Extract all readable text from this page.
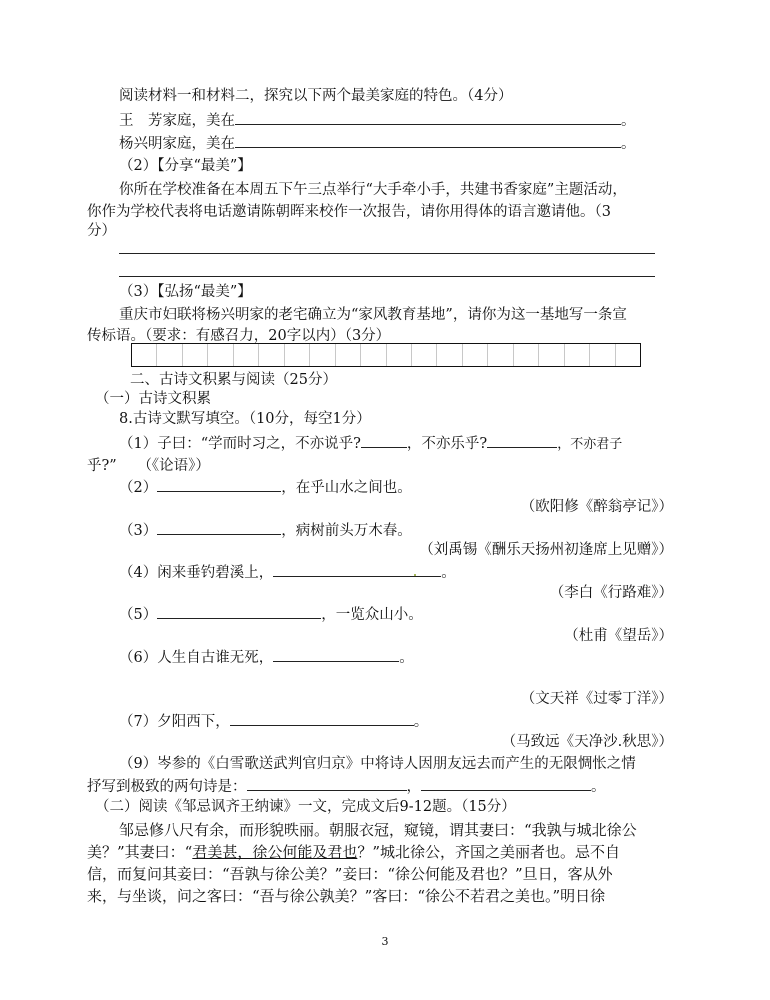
阅读材料一和材料二，探究以下两个最美家庭的特色。（4分）
王　芳家庭，美在	。
杨兴明家庭，美在	。
（2）【分享“最美”】
你所在学校准备在本周五下午三点举行“大手牵小手，共建书香家庭”主题活动，
你作为学校代表将电话邀请陈朝晖来校作一次报告，请你用得体的语言邀请他。（3
分）
（3）【弘扬“最美”】
重庆市妇联将杨兴明家的老宅确立为“家风教育基地”，请你为这一基地写一条宣
传标语。（要求：有感召力，20字以内）（3分）
二、古诗文积累与阅读（25分）
（一）古诗文积累
8.古诗文默写填空。（10分，每空1分）
（1）子曰：“学而时习之，不亦说乎?	，不亦乐乎?	，不亦君子
乎?” （《论语》）
（2）	，在乎山水之间也。
（欧阳修《醉翁亭记》）
（3）	，病树前头万木春。
（刘禹锡《酬乐天扬州初逢席上见赠》）
（4）闲来垂钓碧溪上，	。
（李白《行路难》）
（5）	，一览众山小。
（杜甫《望岳》）
（6）人生自古谁无死，	。
（文天祥《过零丁洋》）
（7）夕阳西下，	。
（马致远《天净沙.秋思》）
（9）岑参的《白雪歌送武判官归京》中将诗人因朋友远去而产生的无限惆怅之情
抒写到极致的两句诗是：	，	。
（二）阅读《邹忌讽齐王纳谏》一文，完成文后9-12题。（15分）
邹忌修八尺有余，而形貌昳丽。朝服衣冠，窥镜，谓其妻曰：“我孰与城北徐公
美？”其妻曰：“君美甚，徐公何能及君也？”城北徐公，齐国之美丽者也。忌不自
信，而复问其妾曰：“吾孰与徐公美？”妾曰：“徐公何能及君也？”旦日，客从外
来，与坐谈，问之客曰：“吾与徐公孰美？”客曰：“徐公不若君之美也。”明日徐
3
